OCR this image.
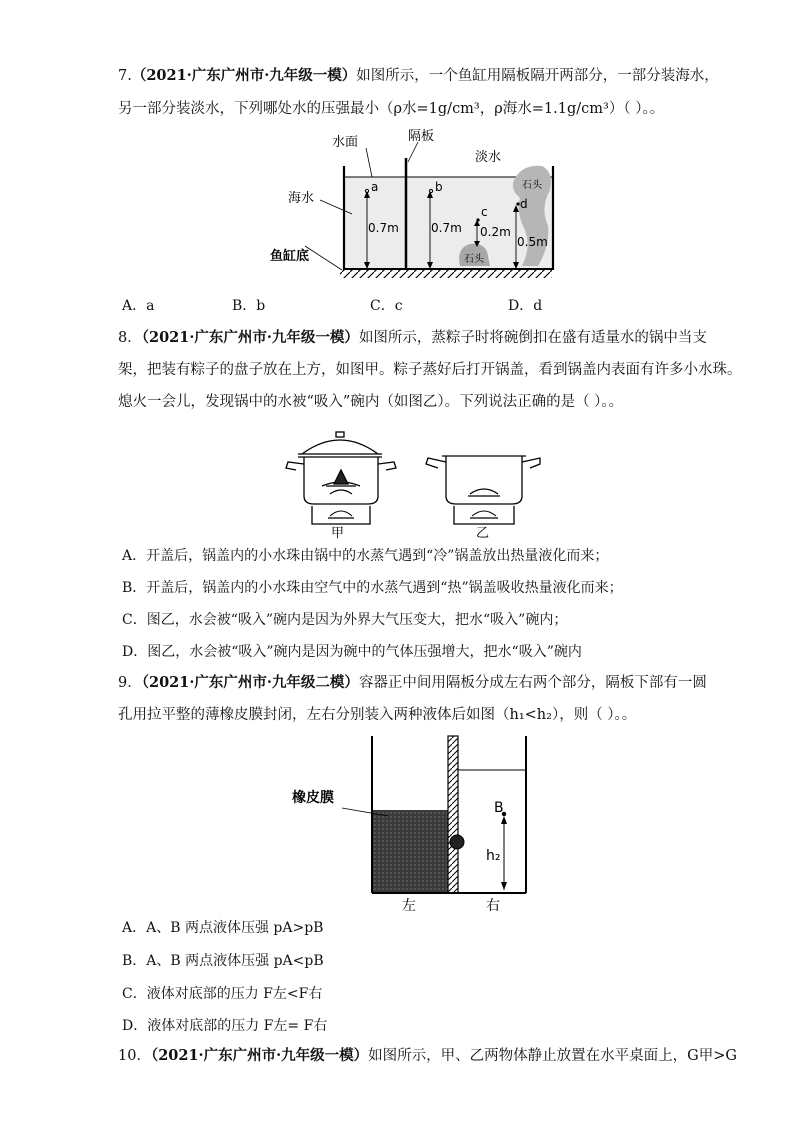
7.（2021·广东广州市·九年级一模）如图所示，一个鱼缸用隔板隔开两部分，一部分装海水，
另一部分装淡水，下列哪处水的压强最小（ρ水=1g/cm³，ρ海水=1.1g/cm³）（ ）。。
水面	隔板
淡水
海水
鱼缸底
石头
石头
a
0.7m
b
0.7m
c
0.2m
d
0.5m
A．a	B．b	C．c	D．d
8．（2021·广东广州市·九年级一模）如图所示，蒸粽子时将碗倒扣在盛有适量水的锅中当支
架，把装有粽子的盘子放在上方，如图甲。粽子蒸好后打开锅盖，看到锅盖内表面有许多小水珠。
熄火一会儿，发现锅中的水被“吸入”碗内（如图乙）。下列说法正确的是（ ）。。
甲	乙
A．开盖后，锅盖内的小水珠由锅中的水蒸气遇到“冷”锅盖放出热量液化而来；
B．开盖后，锅盖内的小水珠由空气中的水蒸气遇到“热”锅盖吸收热量液化而来；
C．图乙，水会被“吸入”碗内是因为外界大气压变大，把水“吸入”碗内；
D．图乙，水会被“吸入”碗内是因为碗中的气体压强增大，把水“吸入”碗内
9．（2021·广东广州市·九年级二模）容器正中间用隔板分成左右两个部分，隔板下部有一圆
孔用拉平整的薄橡皮膜封闭，左右分别装入两种液体后如图（h₁<h₂），则（ ）。。
橡皮膜
B
h₂
左	右
A．A、B 两点液体压强 pA>pB
B．A、B 两点液体压强 pA<pB
C．液体对底部的压力 F左<F右
D．液体对底部的压力 F左= F右
10．（2021·广东广州市·九年级一模）如图所示，甲、乙两物体静止放置在水平桌面上，G甲>G
